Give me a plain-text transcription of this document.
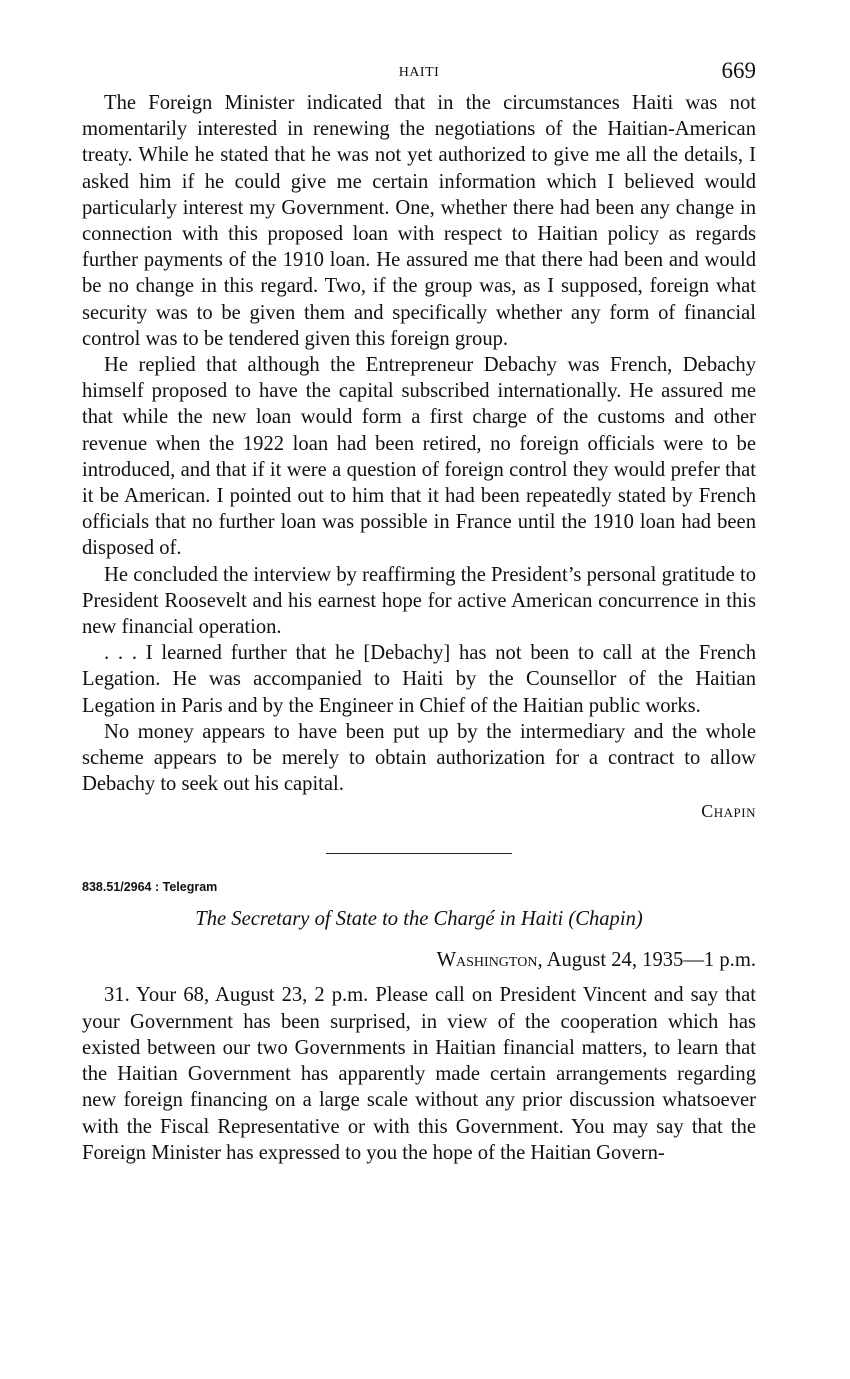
HAITI	669

The Foreign Minister indicated that in the circumstances Haiti was not momentarily interested in renewing the negotiations of the Haitian-American treaty. While he stated that he was not yet authorized to give me all the details, I asked him if he could give me certain information which I believed would particularly interest my Government. One, whether there had been any change in connection with this proposed loan with respect to Haitian policy as regards further payments of the 1910 loan. He assured me that there had been and would be no change in this regard. Two, if the group was, as I supposed, foreign what security was to be given them and specifically whether any form of financial control was to be tendered given this foreign group.

He replied that although the Entrepreneur Debachy was French, Debachy himself proposed to have the capital subscribed internationally. He assured me that while the new loan would form a first charge of the customs and other revenue when the 1922 loan had been retired, no foreign officials were to be introduced, and that if it were a question of foreign control they would prefer that it be American. I pointed out to him that it had been repeatedly stated by French officials that no further loan was possible in France until the 1910 loan had been disposed of.

He concluded the interview by reaffirming the President’s personal gratitude to President Roosevelt and his earnest hope for active American concurrence in this new financial operation.

. . . I learned further that he [Debachy] has not been to call at the French Legation. He was accompanied to Haiti by the Counsellor of the Haitian Legation in Paris and by the Engineer in Chief of the Haitian public works.

No money appears to have been put up by the intermediary and the whole scheme appears to be merely to obtain authorization for a contract to allow Debachy to seek out his capital.

Chapin
838.51/2964 : Telegram
The Secretary of State to the Chargé in Haiti (Chapin)
Washington, August 24, 1935—1 p.m.

31. Your 68, August 23, 2 p.m. Please call on President Vincent and say that your Government has been surprised, in view of the cooperation which has existed between our two Governments in Haitian financial matters, to learn that the Haitian Government has apparently made certain arrangements regarding new foreign financing on a large scale without any prior discussion whatsoever with the Fiscal Representative or with this Government. You may say that the Foreign Minister has expressed to you the hope of the Haitian Govern-
